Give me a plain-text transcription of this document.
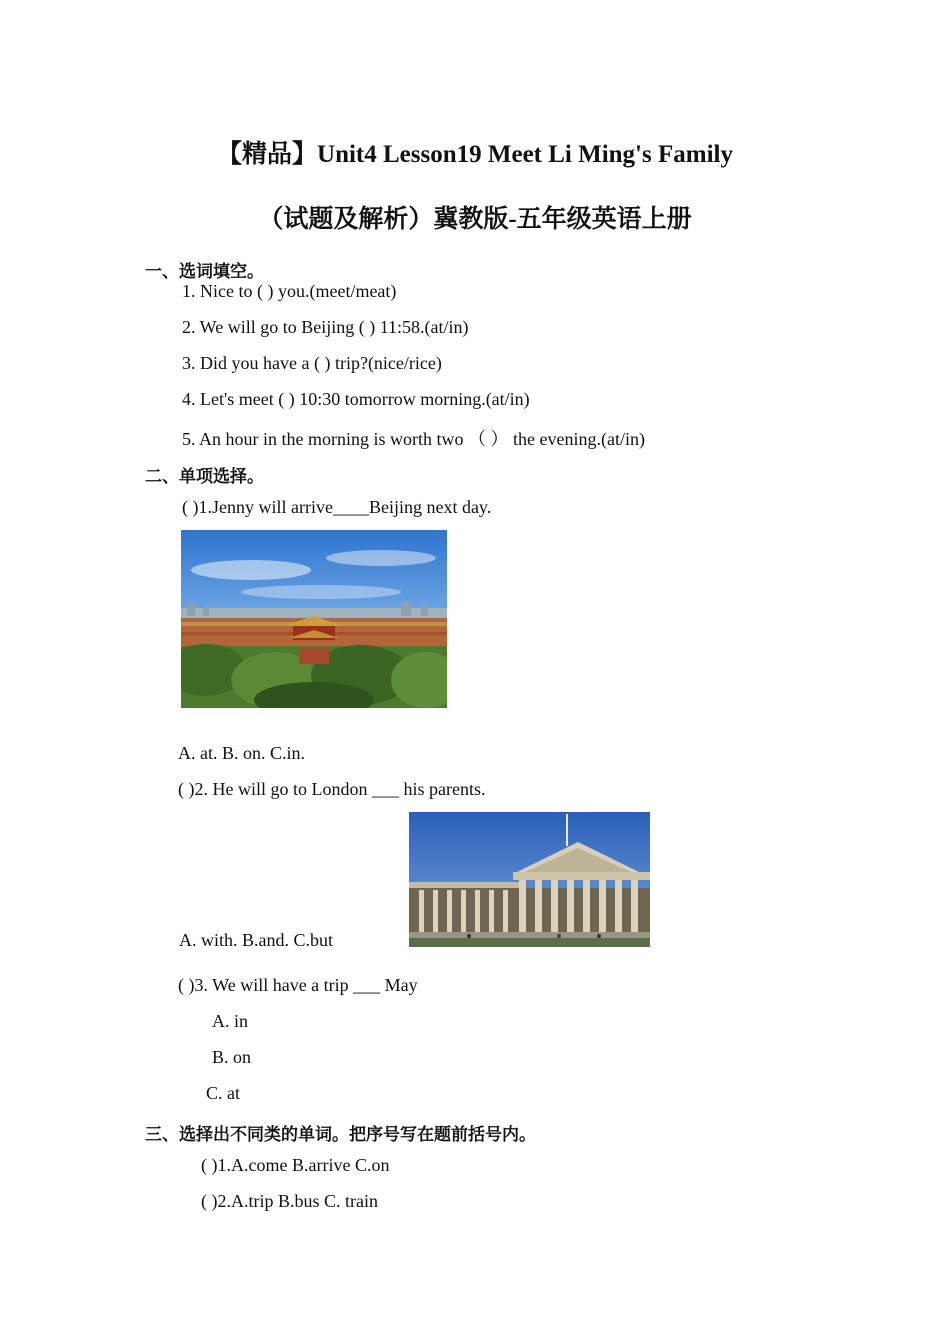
【精品】Unit4 Lesson19 Meet Li Ming's Family
（试题及解析）冀教版-五年级英语上册
一、选词填空。
1. Nice to ( ) you.(meet/meat)
2. We will go to Beijing ( ) 11:58.(at/in)
3. Did you have a ( ) trip?(nice/rice)
4. Let's meet ( ) 10:30 tomorrow morning.(at/in)
5. An hour in the morning is worth two （ ） the evening.(at/in)
二、单项选择。
( )1.Jenny will arrive____Beijing next day.
A. at. B. on. C.in.
( )2. He will go to London ___ his parents.
A. with. B.and. C.but
( )3. We will have a trip ___ May
A. in
B. on
C. at
三、选择出不同类的单词。把序号写在题前括号内。
( )1.A.come B.arrive C.on
( )2.A.trip B.bus C. train
